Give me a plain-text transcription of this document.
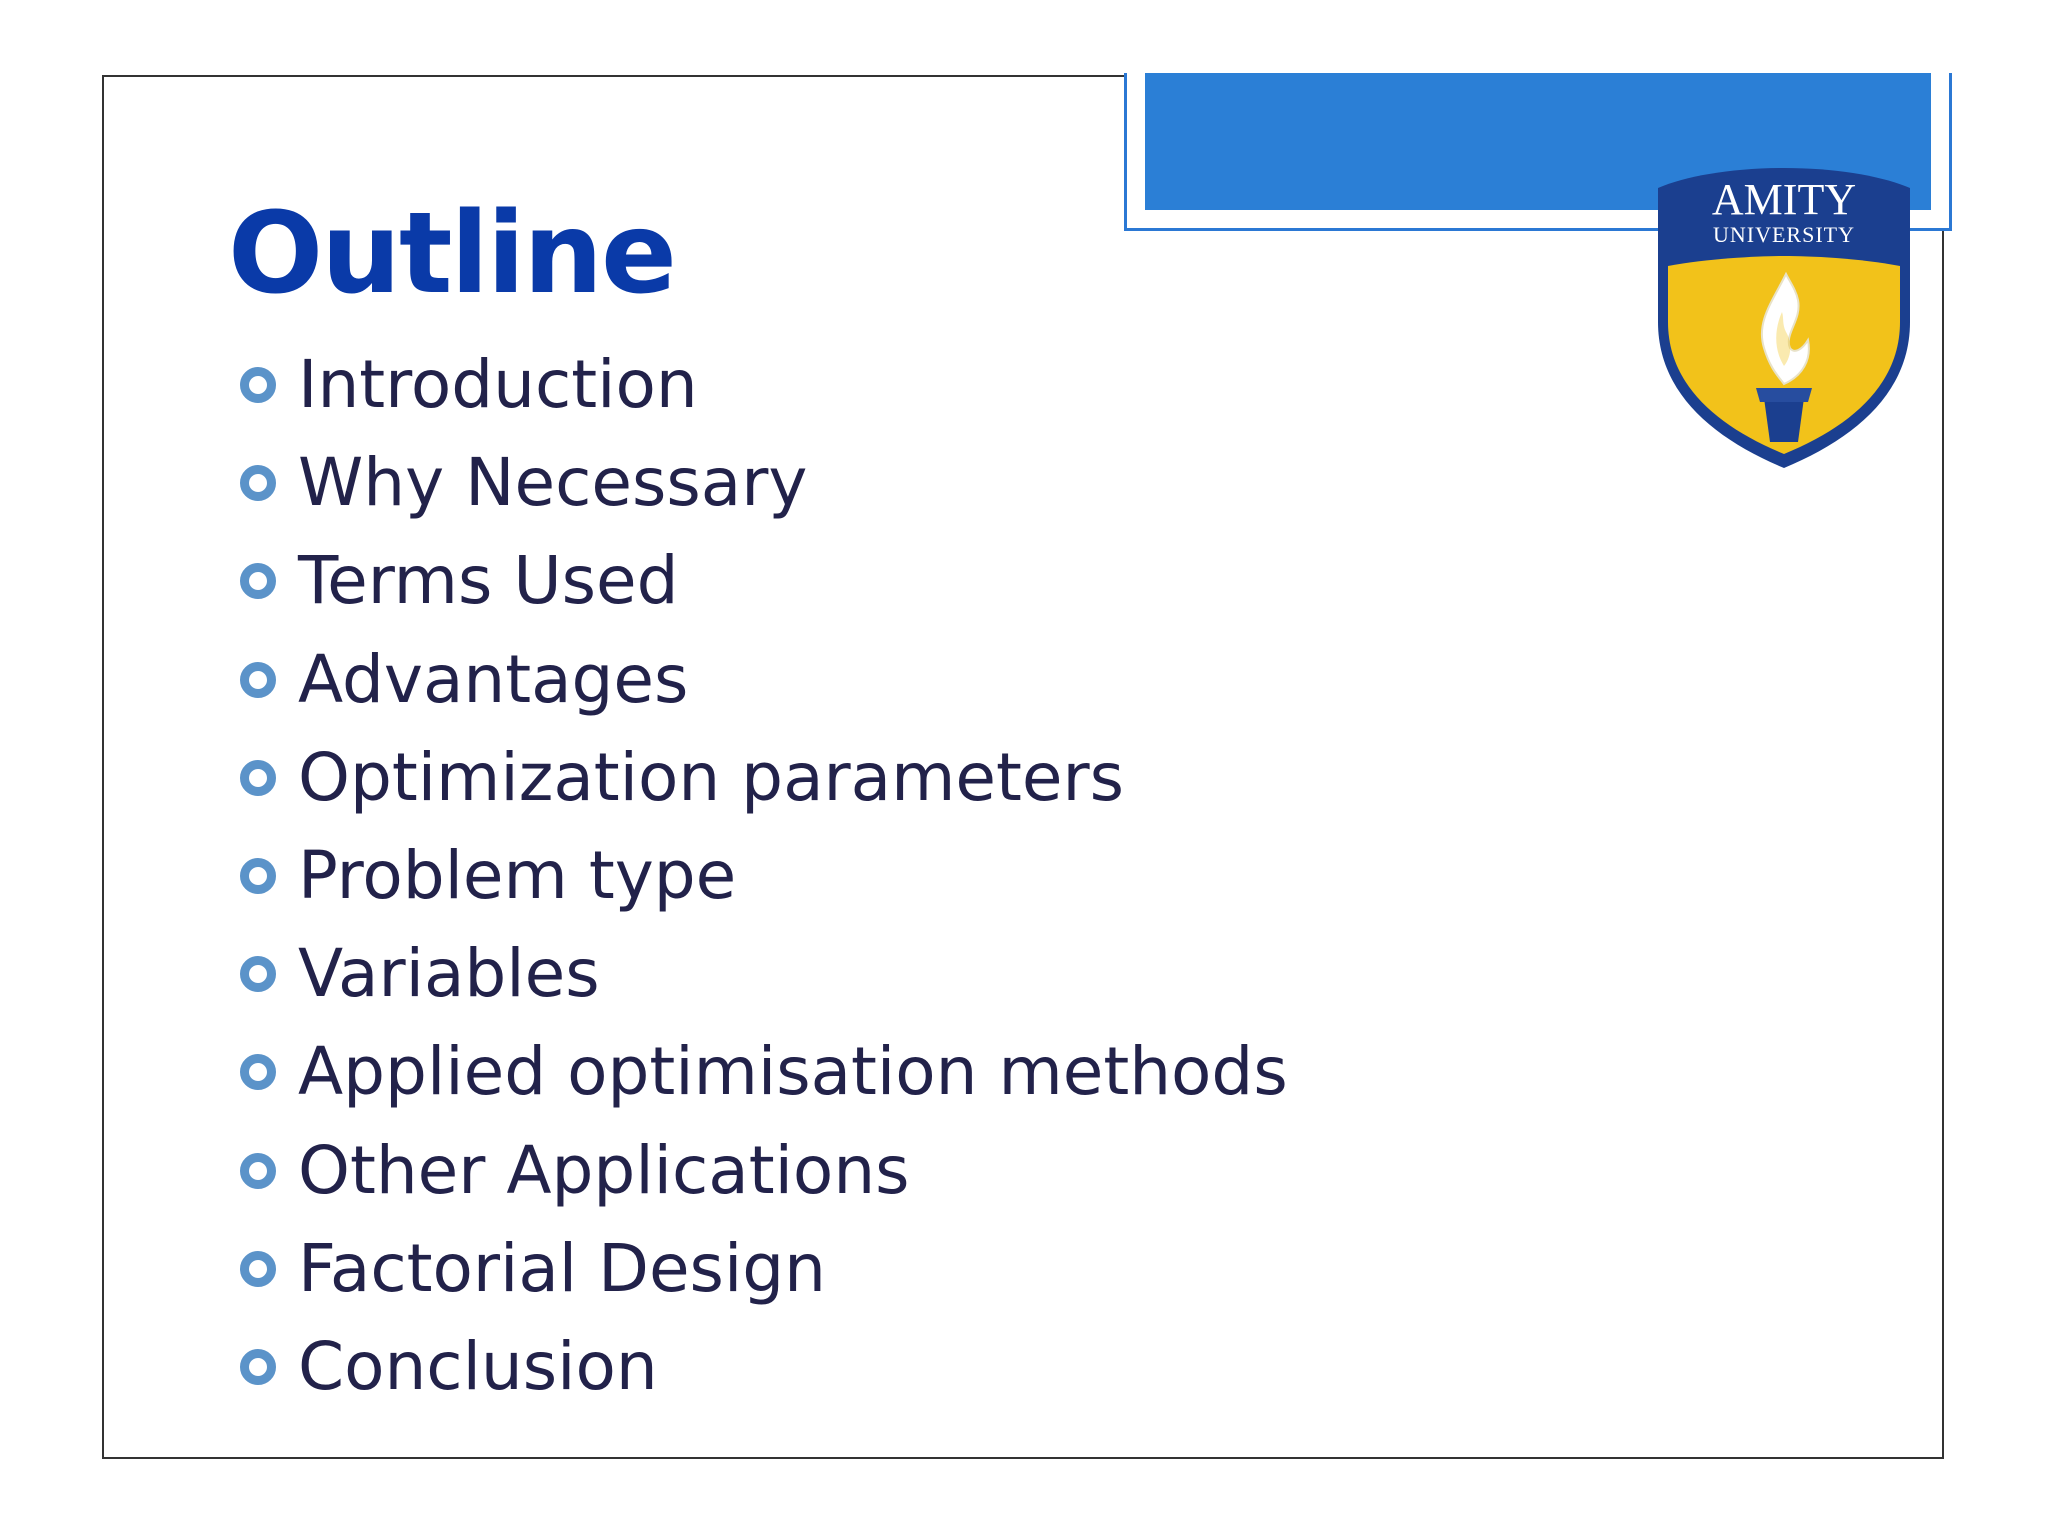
Outline
Introduction
Why Necessary
Terms Used
Advantages
Optimization parameters
Problem type
Variables
Applied optimisation methods
Other Applications
Factorial Design
Conclusion
AMITY
UNIVERSITY
